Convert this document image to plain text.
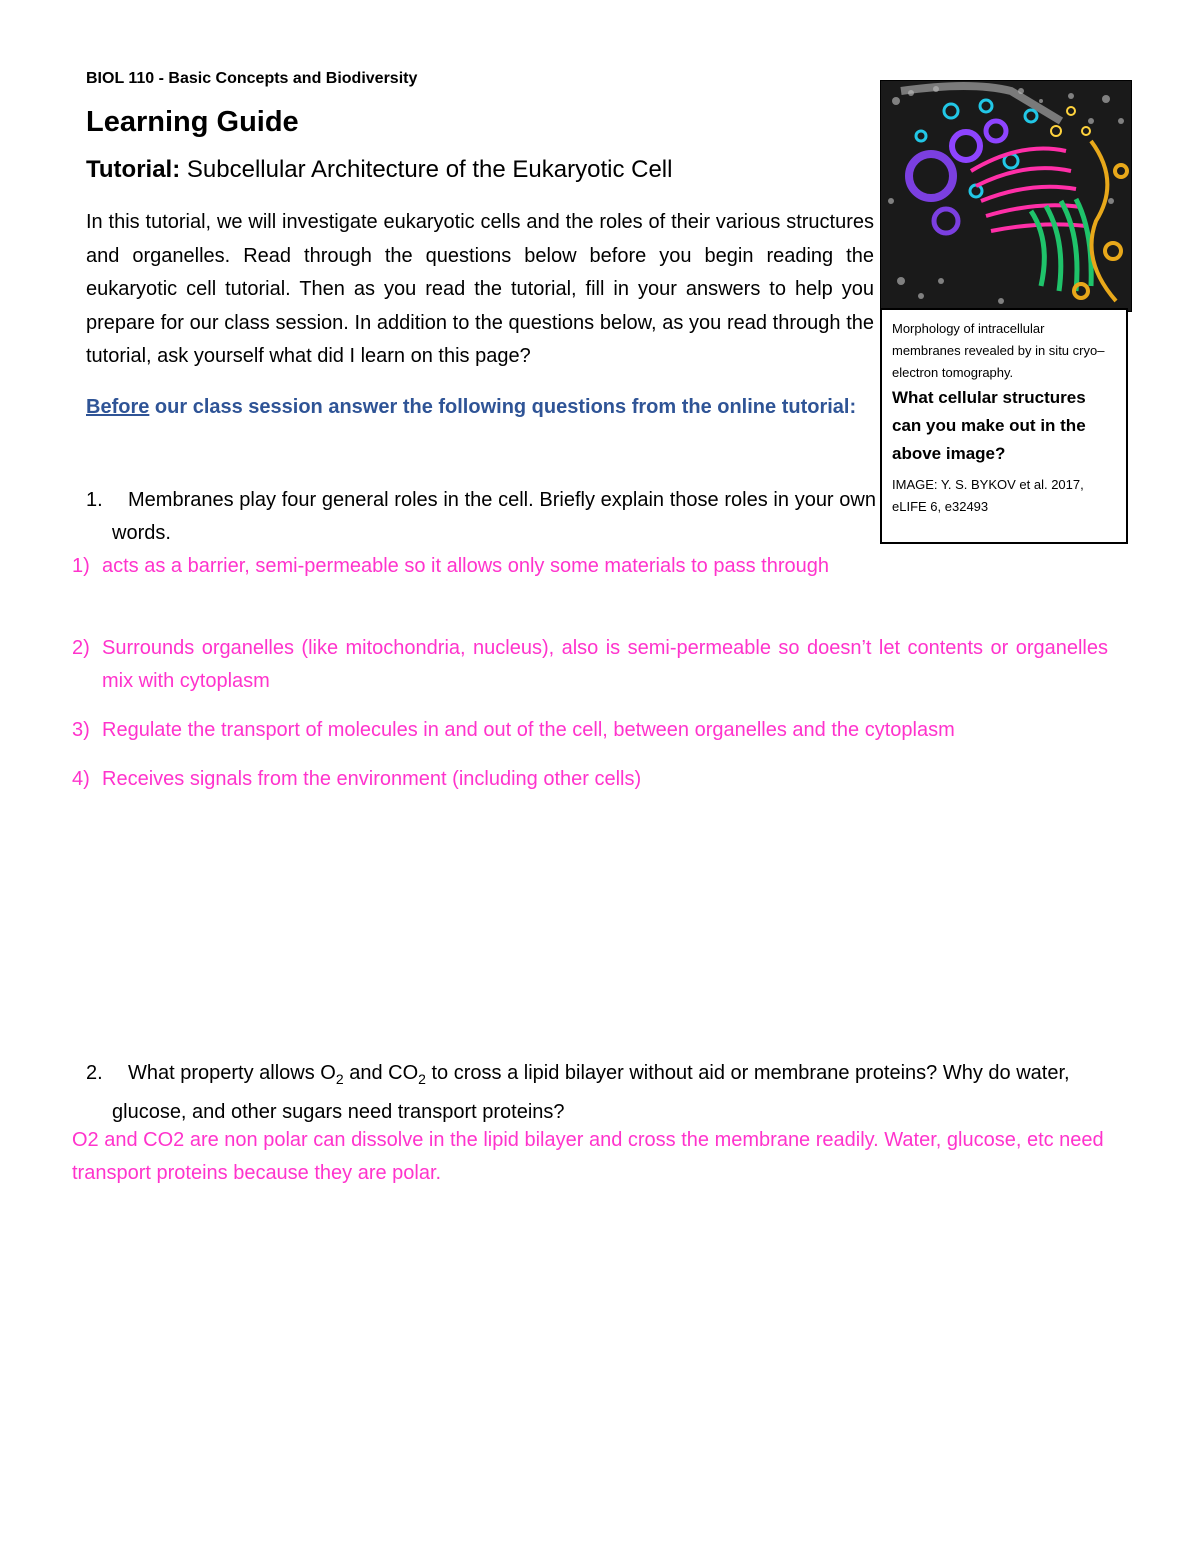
BIOL 110 - Basic Concepts and Biodiversity
Learning Guide
Tutorial: Subcellular Architecture of the Eukaryotic Cell
In this tutorial, we will investigate eukaryotic cells and the roles of their various structures and organelles. Read through the questions below before you begin reading the eukaryotic cell tutorial. Then as you read the tutorial, fill in your answers to help you prepare for our class session. In addition to the questions below, as you read through the tutorial, ask yourself what did I learn on this page?
Before our class session answer the following questions from the online tutorial:
1.	Membranes play four general roles in the cell. Briefly explain those roles in your own words.
1) acts as a barrier, semi-permeable so it allows only some materials to pass through
2) Surrounds organelles (like mitochondria, nucleus), also is semi-permeable so doesn’t let contents or organelles mix with cytoplasm
3) Regulate the transport of molecules in and out of the cell, between organelles and the cytoplasm
4) Receives signals from the environment (including other cells)
2.	What property allows $O_2$ and $CO_2$ to cross a lipid bilayer without aid or membrane proteins? Why do water, glucose, and other sugars need transport proteins?
O2 and CO2 are non polar can dissolve in the lipid bilayer and cross the membrane readily. Water, glucose, etc need transport proteins because they are polar.
Morphology of intracellular membranes revealed by in situ cryo–electron tomography.
What cellular structures can you make out in the above image?
IMAGE: Y. S. BYKOV et al. 2017, eLIFE 6, e32493
